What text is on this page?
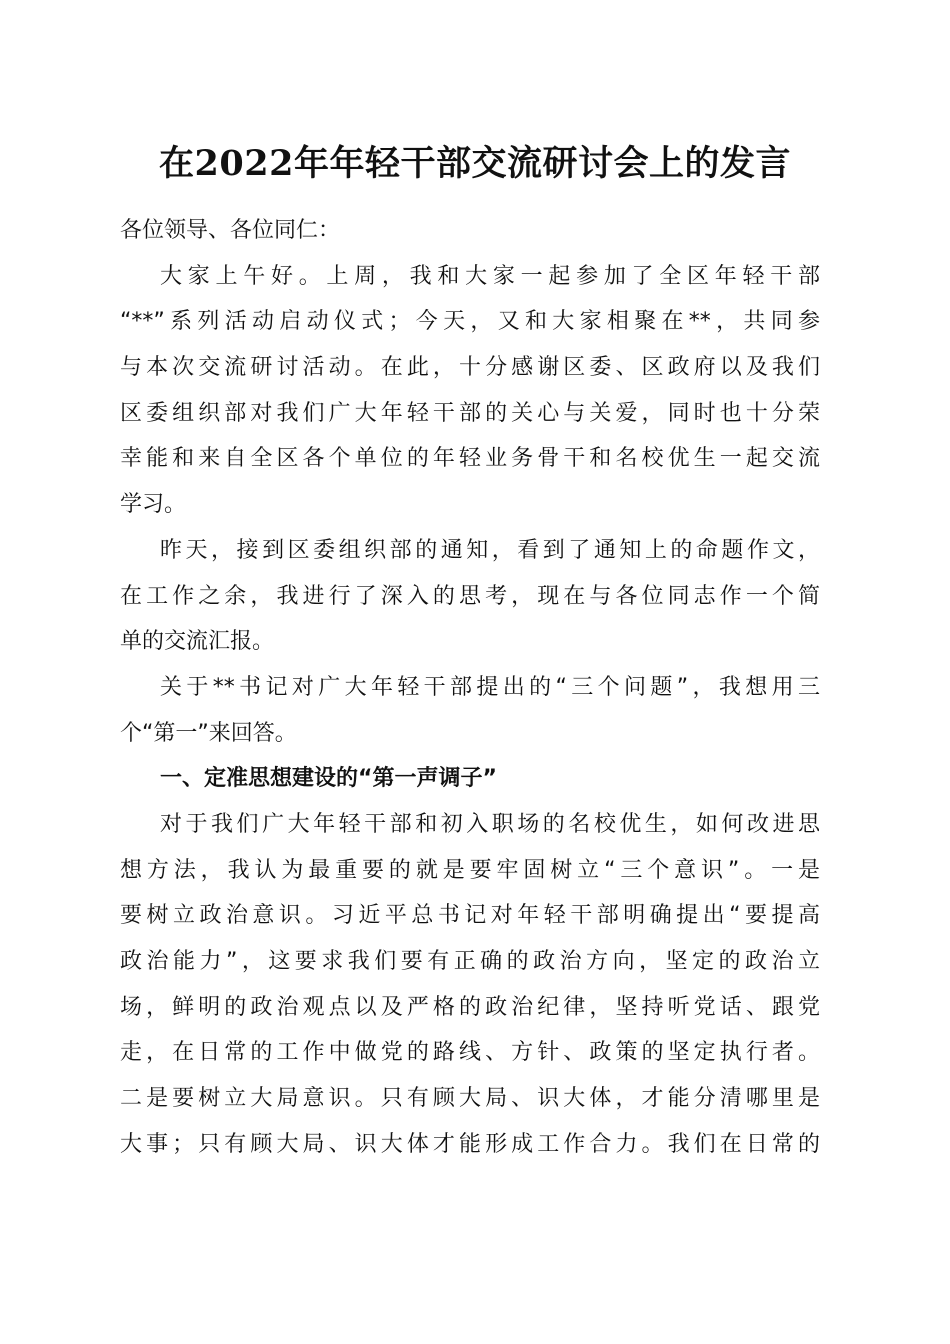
在2022年年轻干部交流研讨会上的发言
各位领导、各位同仁：
大家上午好。上周，我和大家一起参加了全区年轻干部
“**”系列活动启动仪式；今天，又和大家相聚在**，共同参
与本次交流研讨活动。在此，十分感谢区委、区政府以及我们
区委组织部对我们广大年轻干部的关心与关爱，同时也十分荣
幸能和来自全区各个单位的年轻业务骨干和名校优生一起交流
学习。
昨天，接到区委组织部的通知，看到了通知上的命题作文，
在工作之余，我进行了深入的思考，现在与各位同志作一个简
单的交流汇报。
关于**书记对广大年轻干部提出的“三个问题”，我想用三
个“第一”来回答。
一、定准思想建设的“第一声调子”
对于我们广大年轻干部和初入职场的名校优生，如何改进思
想方法，我认为最重要的就是要牢固树立“三个意识”。一是
要树立政治意识。习近平总书记对年轻干部明确提出“要提高
政治能力”，这要求我们要有正确的政治方向，坚定的政治立
场，鲜明的政治观点以及严格的政治纪律，坚持听党话、跟党
走，在日常的工作中做党的路线、方针、政策的坚定执行者。
二是要树立大局意识。只有顾大局、识大体，才能分清哪里是
大事；只有顾大局、识大体才能形成工作合力。我们在日常的
